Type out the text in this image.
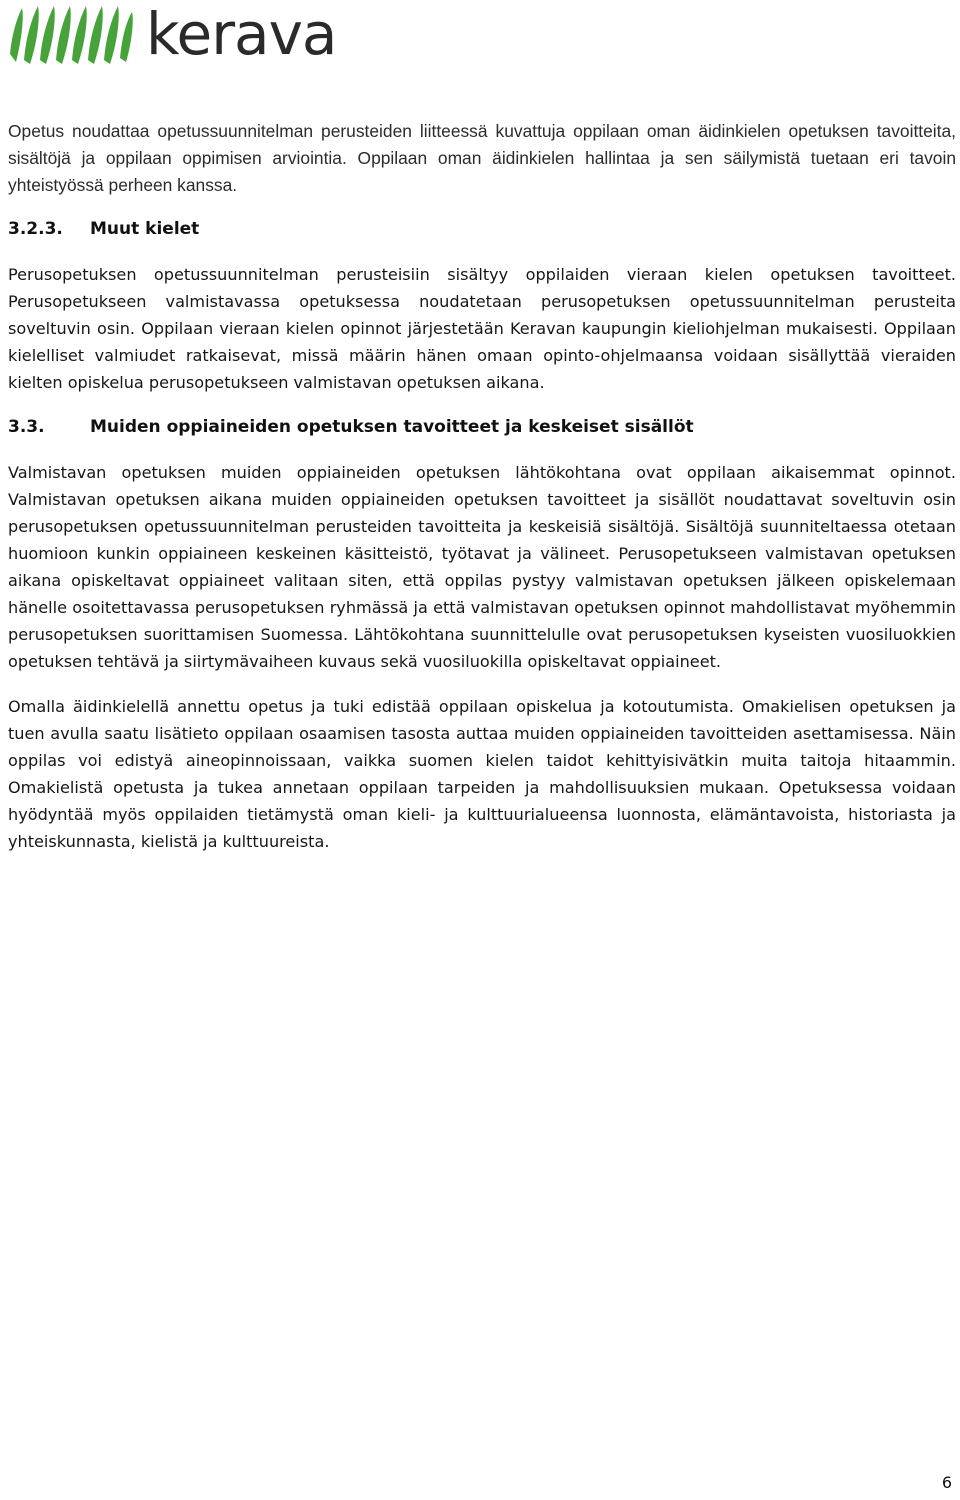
kerava

Opetus noudattaa opetussuunnitelman perusteiden liitteessä kuvattuja oppilaan oman äidinkielen opetuksen tavoitteita, sisältöjä ja oppilaan oppimisen arviointia. Oppilaan oman äidinkielen hallintaa ja sen säilymistä tuetaan eri tavoin yhteistyössä perheen kanssa.

3.2.3.	Muut kielet

Perusopetuksen opetussuunnitelman perusteisiin sisältyy oppilaiden vieraan kielen opetuksen tavoitteet. Perusopetukseen valmistavassa opetuksessa noudatetaan perusopetuksen opetussuunnitelman perusteita soveltuvin osin. Oppilaan vieraan kielen opinnot järjestetään Keravan kaupungin kieliohjelman mukaisesti. Oppilaan kielelliset valmiudet ratkaisevat, missä määrin hänen omaan opinto-ohjelmaansa voidaan sisällyttää vieraiden kielten opiskelua perusopetukseen valmistavan opetuksen aikana.

3.3.	Muiden oppiaineiden opetuksen tavoitteet ja keskeiset sisällöt

Valmistavan opetuksen muiden oppiaineiden opetuksen lähtökohtana ovat oppilaan aikaisemmat opinnot. Valmistavan opetuksen aikana muiden oppiaineiden opetuksen tavoitteet ja sisällöt noudattavat soveltuvin osin perusopetuksen opetussuunnitelman perusteiden tavoitteita ja keskeisiä sisältöjä. Sisältöjä suunniteltaessa otetaan huomioon kunkin oppiaineen keskeinen käsitteistö, työtavat ja välineet. Perusopetukseen valmistavan opetuksen aikana opiskeltavat oppiaineet valitaan siten, että oppilas pystyy valmistavan opetuksen jälkeen opiskelemaan hänelle osoitettavassa perusopetuksen ryhmässä ja että valmistavan opetuksen opinnot mahdollistavat myöhemmin perusopetuksen suorittamisen Suomessa. Lähtökohtana suunnittelulle ovat perusopetuksen kyseisten vuosiluokkien opetuksen tehtävä ja siirtymävaiheen kuvaus sekä vuosiluokilla opiskeltavat oppiaineet.

Omalla äidinkielellä annettu opetus ja tuki edistää oppilaan opiskelua ja kotoutumista. Omakielisen opetuksen ja tuen avulla saatu lisätieto oppilaan osaamisen tasosta auttaa muiden oppiaineiden tavoitteiden asettamisessa. Näin oppilas voi edistyä aineopinnoissaan, vaikka suomen kielen taidot kehittyisivätkin muita taitoja hitaammin. Omakielistä opetusta ja tukea annetaan oppilaan tarpeiden ja mahdollisuuksien mukaan. Opetuksessa voidaan hyödyntää myös oppilaiden tietämystä oman kieli- ja kulttuurialueensa luonnosta, elämäntavoista, historiasta ja yhteiskunnasta, kielistä ja kulttuureista.

6
